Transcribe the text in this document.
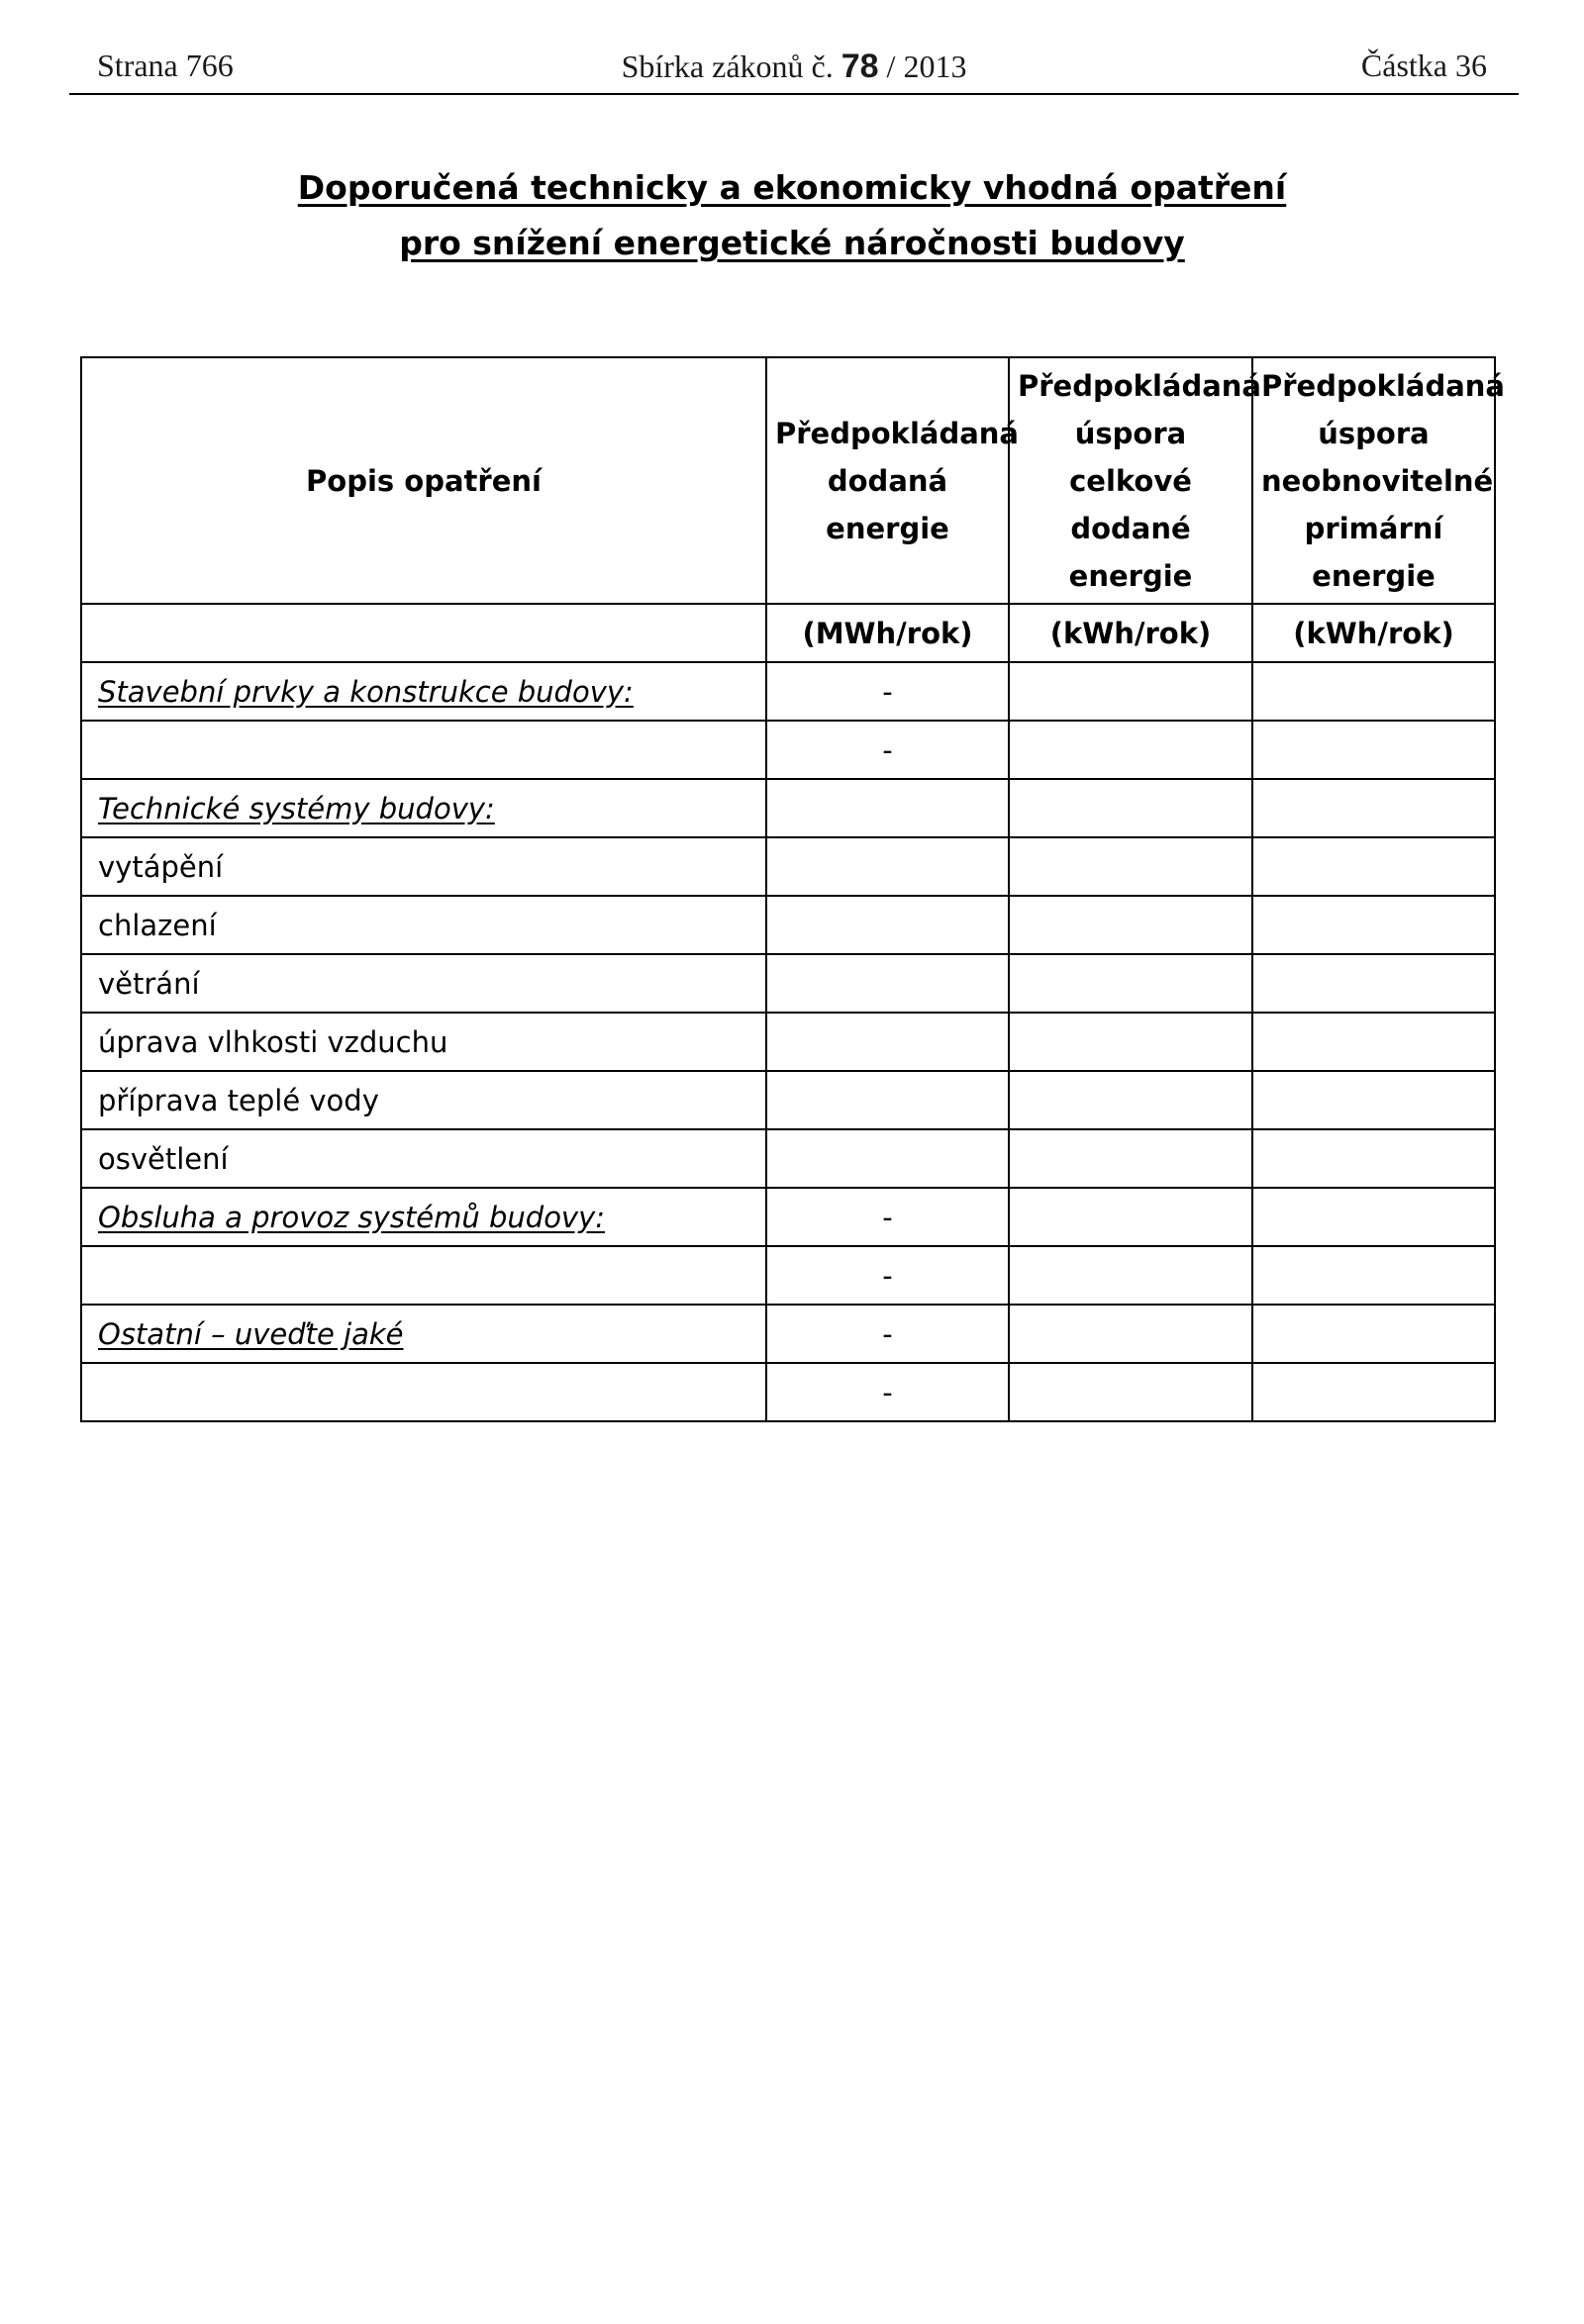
Strana 766	Sbírka zákonů č. 78 / 2013	Částka 36
Doporučená technicky a ekonomicky vhodná opatření
pro snížení energetické náročnosti budovy
Popis opatření	Předpokládaná dodaná energie	Předpokládaná úspora celkové dodané energie	Předpokládaná úspora neobnovitelné primární energie
	(MWh/rok)	(kWh/rok)	(kWh/rok)
Stavební prvky a konstrukce budovy:	-		
	-		
Technické systémy budovy:			
vytápění			
chlazení			
větrání			
úprava vlhkosti vzduchu			
příprava teplé vody			
osvětlení			
Obsluha a provoz systémů budovy:	-		
	-		
Ostatní – uveďte jaké	-		
	-		
